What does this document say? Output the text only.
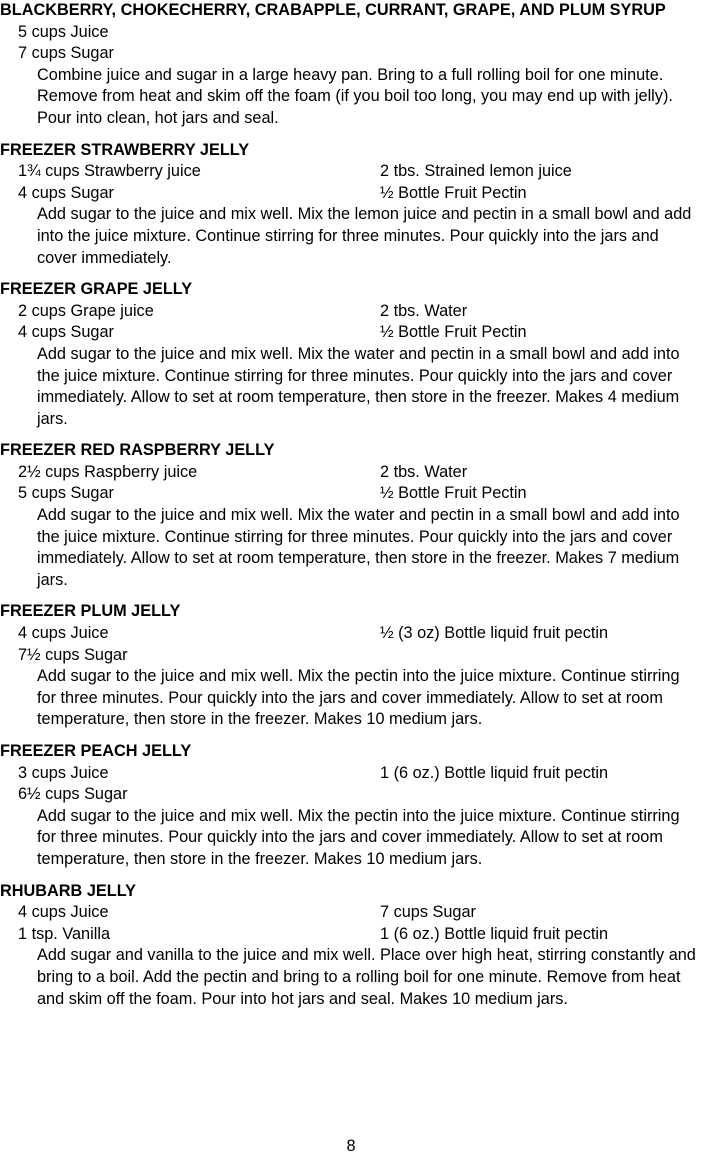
BLACKBERRY, CHOKECHERRY, CRABAPPLE, CURRANT, GRAPE, AND PLUM SYRUP
5 cups Juice
7 cups Sugar

Combine juice and sugar in a large heavy pan. Bring to a full rolling boil for one minute. Remove from heat and skim off the foam (if you boil too long, you may end up with jelly). Pour into clean, hot jars and seal.

FREEZER STRAWBERRY JELLY
1¾ cups Strawberry juice	2 tbs. Strained lemon juice
4 cups Sugar	½ Bottle Fruit Pectin

Add sugar to the juice and mix well. Mix the lemon juice and pectin in a small bowl and add into the juice mixture. Continue stirring for three minutes. Pour quickly into the jars and cover immediately.

FREEZER GRAPE JELLY
2 cups Grape juice	2 tbs. Water
4 cups Sugar	½ Bottle Fruit Pectin

Add sugar to the juice and mix well. Mix the water and pectin in a small bowl and add into the juice mixture. Continue stirring for three minutes. Pour quickly into the jars and cover immediately. Allow to set at room temperature, then store in the freezer. Makes 4 medium jars.

FREEZER RED RASPBERRY JELLY
2½ cups Raspberry juice	2 tbs. Water
5 cups Sugar	½ Bottle Fruit Pectin

Add sugar to the juice and mix well. Mix the water and pectin in a small bowl and add into the juice mixture. Continue stirring for three minutes. Pour quickly into the jars and cover immediately. Allow to set at room temperature, then store in the freezer. Makes 7 medium jars.

FREEZER PLUM JELLY
4 cups Juice	½ (3 oz) Bottle liquid fruit pectin
7½ cups Sugar

Add sugar to the juice and mix well. Mix the pectin into the juice mixture. Continue stirring for three minutes. Pour quickly into the jars and cover immediately. Allow to set at room temperature, then store in the freezer. Makes 10 medium jars.

FREEZER PEACH JELLY
3 cups Juice	1 (6 oz.) Bottle liquid fruit pectin
6½ cups Sugar

Add sugar to the juice and mix well. Mix the pectin into the juice mixture. Continue stirring for three minutes. Pour quickly into the jars and cover immediately. Allow to set at room temperature, then store in the freezer. Makes 10 medium jars.

RHUBARB JELLY
4 cups Juice	7 cups Sugar
1 tsp. Vanilla	1 (6 oz.) Bottle liquid fruit pectin

Add sugar and vanilla to the juice and mix well. Place over high heat, stirring constantly and bring to a boil. Add the pectin and bring to a rolling boil for one minute. Remove from heat and skim off the foam. Pour into hot jars and seal. Makes 10 medium jars.

8
